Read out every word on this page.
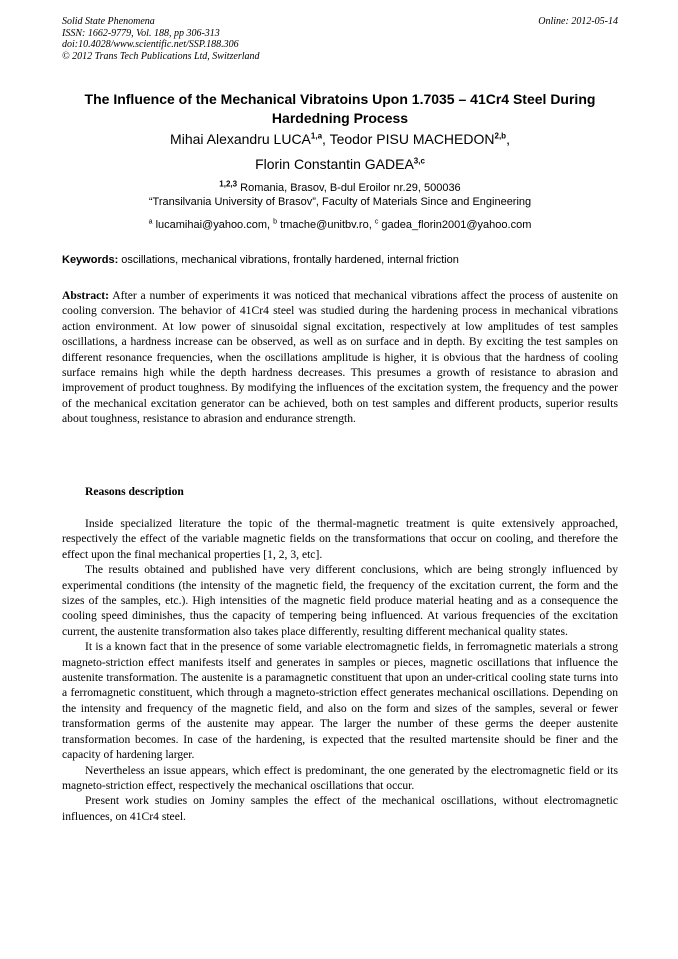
Solid State Phenomena
ISSN: 1662-9779, Vol. 188, pp 306-313
doi:10.4028/www.scientific.net/SSP.188.306
© 2012 Trans Tech Publications Ltd, Switzerland
Online: 2012-05-14
The Influence of the Mechanical Vibratoins Upon 1.7035 – 41Cr4 Steel During Hardedning Process
Mihai Alexandru LUCA$^{1,a}$, Teodor PISU MACHEDON$^{2,b}$,
Florin Constantin GADEA$^{3,c}$
$^{1,2,3}$ Romania, Brasov, B-dul Eroilor nr.29, 500036
“Transilvania University of Brasov”, Faculty of Materials Since and Engineering
$^a$ lucamihai@yahoo.com, $^b$ tmache@unitbv.ro, $^c$ gadea_florin2001@yahoo.com
Keywords: oscillations, mechanical vibrations, frontally hardened, internal friction
Abstract: After a number of experiments it was noticed that mechanical vibrations affect the process of austenite on cooling conversion. The behavior of 41Cr4 steel was studied during the hardening process in mechanical vibrations action environment. At low power of sinusoidal signal excitation, respectively at low amplitudes of test samples oscillations, a hardness increase can be observed, as well as on surface and in depth. By exciting the test samples on different resonance frequencies, when the oscillations amplitude is higher, it is obvious that the hardness of cooling surface remains high while the depth hardness decreases. This presumes a growth of resistance to abrasion and improvement of product toughness. By modifying the influences of the excitation system, the frequency and the power of the mechanical excitation generator can be achieved, both on test samples and different products, superior results about toughness, resistance to abrasion and endurance strength.
Reasons description

Inside specialized literature the topic of the thermal-magnetic treatment is quite extensively approached, respectively the effect of the variable magnetic fields on the transformations that occur on cooling, and therefore the effect upon the final mechanical properties [1, 2, 3, etc].

The results obtained and published have very different conclusions, which are being strongly influenced by experimental conditions (the intensity of the magnetic field, the frequency of the excitation current, the form and the sizes of the samples, etc.). High intensities of the magnetic field produce material heating and as a consequence the cooling speed diminishes, thus the capacity of tempering being influenced. At various frequencies of the excitation current, the austenite transformation also takes place differently, resulting different mechanical quality states.

It is a known fact that in the presence of some variable electromagnetic fields, in ferromagnetic materials a strong magneto-striction effect manifests itself and generates in samples or pieces, magnetic oscillations that influence the austenite transformation. The austenite is a paramagnetic constituent that upon an under-critical cooling state turns into a ferromagnetic constituent, which through a magneto-striction effect generates mechanical oscillations. Depending on the intensity and frequency of the magnetic field, and also on the form and sizes of the samples, several or fewer transformation germs of the austenite may appear. The larger the number of these germs the deeper austenite transformation becomes. In case of the hardening, is expected that the resulted martensite should be finer and the capacity of hardening larger.

Nevertheless an issue appears, which effect is predominant, the one generated by the electromagnetic field or its magneto-striction effect, respectively the mechanical oscillations that occur.

Present work studies on Jominy samples the effect of the mechanical oscillations, without electromagnetic influences, on 41Cr4 steel.
